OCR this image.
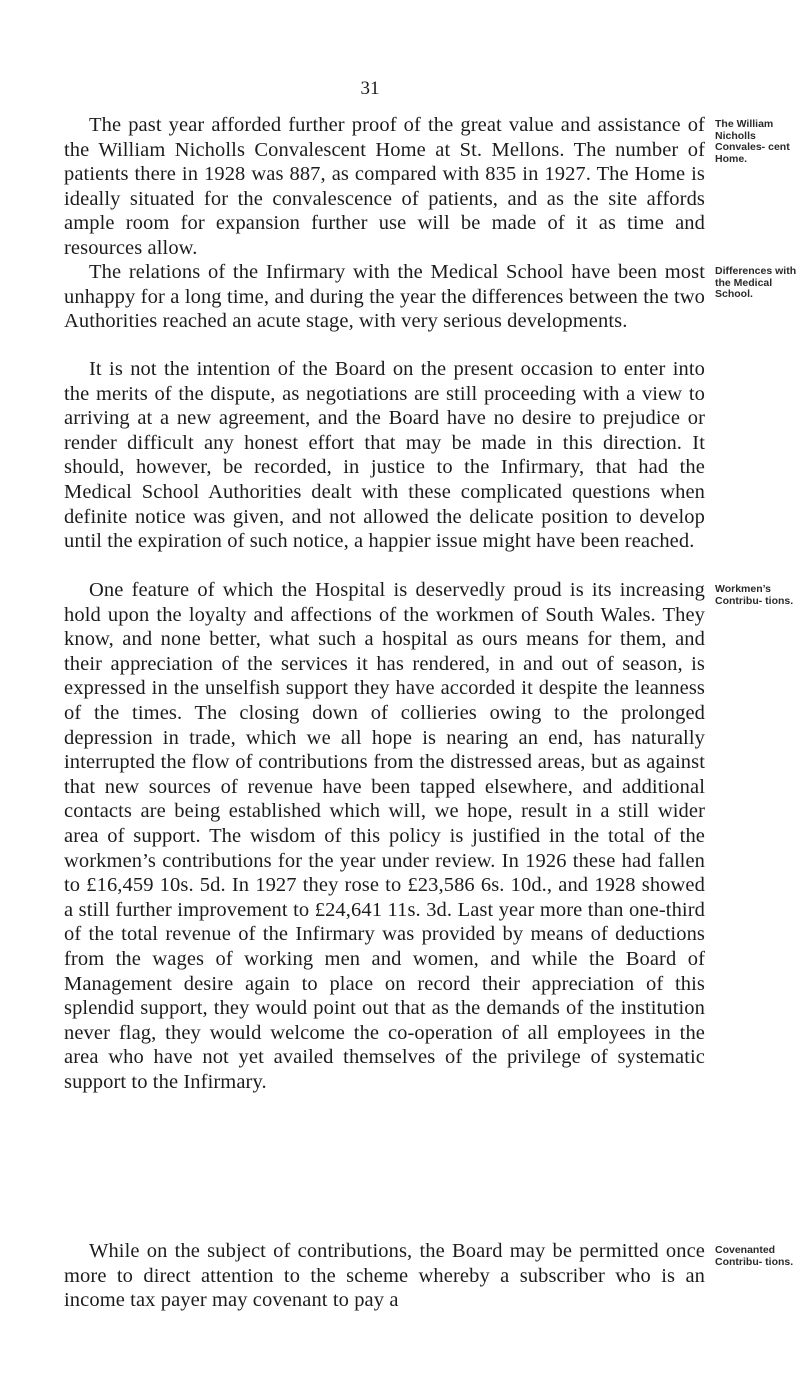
31

The past year afforded further proof of the great value and assistance of the William Nicholls Convalescent Home at St. Mellons. The number of patients there in 1928 was 887, as compared with 835 in 1927. The Home is ideally situated for the convalescence of patients, and as the site affords ample room for expansion further use will be made of it as time and resources allow.

The relations of the Infirmary with the Medical School have been most unhappy for a long time, and during the year the differences between the two Authorities reached an acute stage, with very serious developments.

It is not the intention of the Board on the present occasion to enter into the merits of the dispute, as negotiations are still proceeding with a view to arriving at a new agreement, and the Board have no desire to prejudice or render difficult any honest effort that may be made in this direction. It should, however, be recorded, in justice to the Infirmary, that had the Medical School Authorities dealt with these complicated questions when definite notice was given, and not allowed the delicate position to develop until the expiration of such notice, a happier issue might have been reached.

One feature of which the Hospital is deservedly proud is its increasing hold upon the loyalty and affections of the workmen of South Wales. They know, and none better, what such a hospital as ours means for them, and their appreciation of the services it has rendered, in and out of season, is expressed in the unselfish support they have accorded it despite the leanness of the times. The closing down of collieries owing to the prolonged depression in trade, which we all hope is nearing an end, has naturally interrupted the flow of contributions from the distressed areas, but as against that new sources of revenue have been tapped elsewhere, and additional contacts are being established which will, we hope, result in a still wider area of support. The wisdom of this policy is justified in the total of the workmen’s contributions for the year under review. In 1926 these had fallen to £16,459 10s. 5d. In 1927 they rose to £23,586 6s. 10d., and 1928 showed a still further improvement to £24,641 11s. 3d. Last year more than one-third of the total revenue of the Infirmary was provided by means of deductions from the wages of working men and women, and while the Board of Management desire again to place on record their appreciation of this splendid support, they would point out that as the demands of the institution never flag, they would welcome the co-operation of all employees in the area who have not yet availed themselves of the privilege of systematic support to the Infirmary.

While on the subject of contributions, the Board may be permitted once more to direct attention to the scheme whereby a subscriber who is an income tax payer may covenant to pay a

The William Nicholls Convales- cent Home.

Differences with the Medical School.

Workmen’s Contribu- tions.

Covenanted Contribu- tions.
